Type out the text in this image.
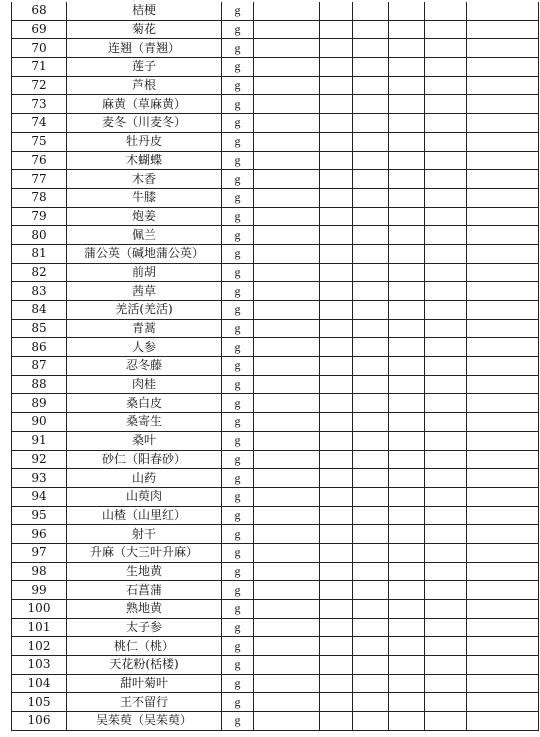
68	桔梗	g						
69	菊花	g						
70	连翘（青翘）	g						
71	莲子	g						
72	芦根	g						
73	麻黄（草麻黄）	g						
74	麦冬（川麦冬）	g						
75	牡丹皮	g						
76	木蝴蝶	g						
77	木香	g						
78	牛膝	g						
79	炮姜	g						
80	佩兰	g						
81	蒲公英（碱地蒲公英）	g						
82	前胡	g						
83	茜草	g						
84	羌活(羌活)	g						
85	青蒿	g						
86	人参	g						
87	忍冬藤	g						
88	肉桂	g						
89	桑白皮	g						
90	桑寄生	g						
91	桑叶	g						
92	砂仁（阳春砂）	g						
93	山药	g						
94	山萸肉	g						
95	山楂（山里红）	g						
96	射干	g						
97	升麻（大三叶升麻）	g						
98	生地黄	g						
99	石菖蒲	g						
100	熟地黄	g						
101	太子参	g						
102	桃仁（桃）	g						
103	天花粉(栝楼)	g						
104	甜叶菊叶	g						
105	王不留行	g						
106	吴茱萸（吴茱萸）	g						
